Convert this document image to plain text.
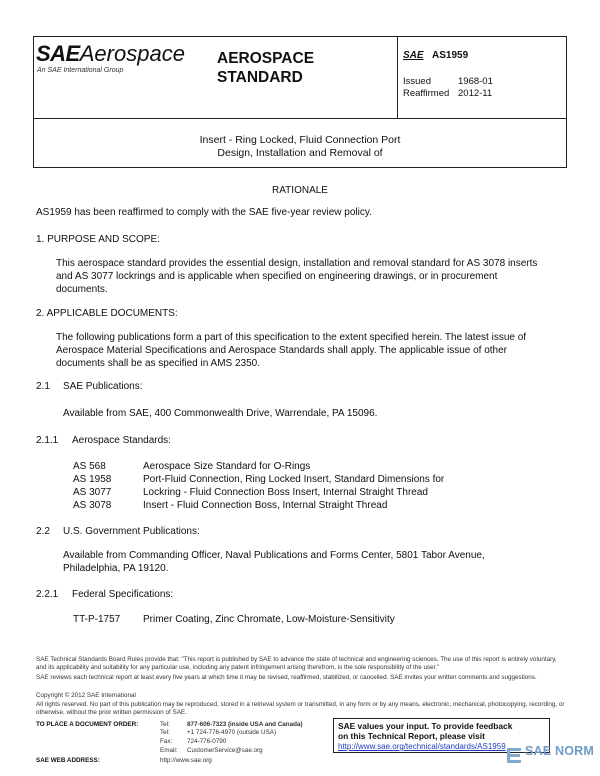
SAEAerospace
An SAE International Group
AEROSPACE
STANDARD
SAE AS1959
Issued	1968-01
Reaffirmed 2012-11
Insert - Ring Locked, Fluid Connection Port
Design, Installation and Removal of
RATIONALE
AS1959 has been reaffirmed to comply with the SAE five-year review policy.
1. PURPOSE AND SCOPE:
This aerospace standard provides the essential design, installation and removal standard for AS 3078 inserts and AS 3077 lockrings and is applicable when specified on engineering drawings, or in procurement documents.
2. APPLICABLE DOCUMENTS:
The following publications form a part of this specification to the extent specified herein. The latest issue of Aerospace Material Specifications and Aerospace Standards shall apply. The applicable issue of other documents shall be as specified in AMS 2350.
2.1 SAE Publications:
Available from SAE, 400 Commonwealth Drive, Warrendale, PA 15096.
2.1.1 Aerospace Standards:
AS 568	Aerospace Size Standard for O-Rings
AS 1958	Port-Fluid Connection, Ring Locked Insert, Standard Dimensions for
AS 3077	Lockring - Fluid Connection Boss Insert, Internal Straight Thread
AS 3078	Insert - Fluid Connection Boss, Internal Straight Thread
2.2 U.S. Government Publications:
Available from Commanding Officer, Naval Publications and Forms Center, 5801 Tabor Avenue, Philadelphia, PA 19120.
2.2.1 Federal Specifications:
TT-P-1757 Primer Coating, Zinc Chromate, Low-Moisture-Sensitivity
SAE Technical Standards Board Rules provide that: "This report is published by SAE to advance the state of technical and engineering sciences. The use of this report is entirely voluntary, and its applicability and suitability for any particular use, including any patent infringement arising therefrom, is the sole responsibility of the user."
SAE reviews each technical report at least every five years at which time it may be revised, reaffirmed, stabilized, or cancelled. SAE invites your written comments and suggestions.
Copyright © 2012 SAE International
All rights reserved. No part of this publication may be reproduced, stored in a retrieval system or transmitted, in any form or by any means, electronic, mechanical, photocopying, recording, or otherwise, without the prior written permission of SAE.
TO PLACE A DOCUMENT ORDER:	Tel:	877-606-7323 (inside USA and Canada)
Tel:	+1 724-776-4970 (outside USA)
Fax: 724-776-0790
Email: CustomerService@sae.org
SAE WEB ADDRESS:	http://www.sae.org
SAE values your input. To provide feedback
on this Technical Report, please visit
http://www.sae.org/technical/standards/AS1959	SAE NORM
